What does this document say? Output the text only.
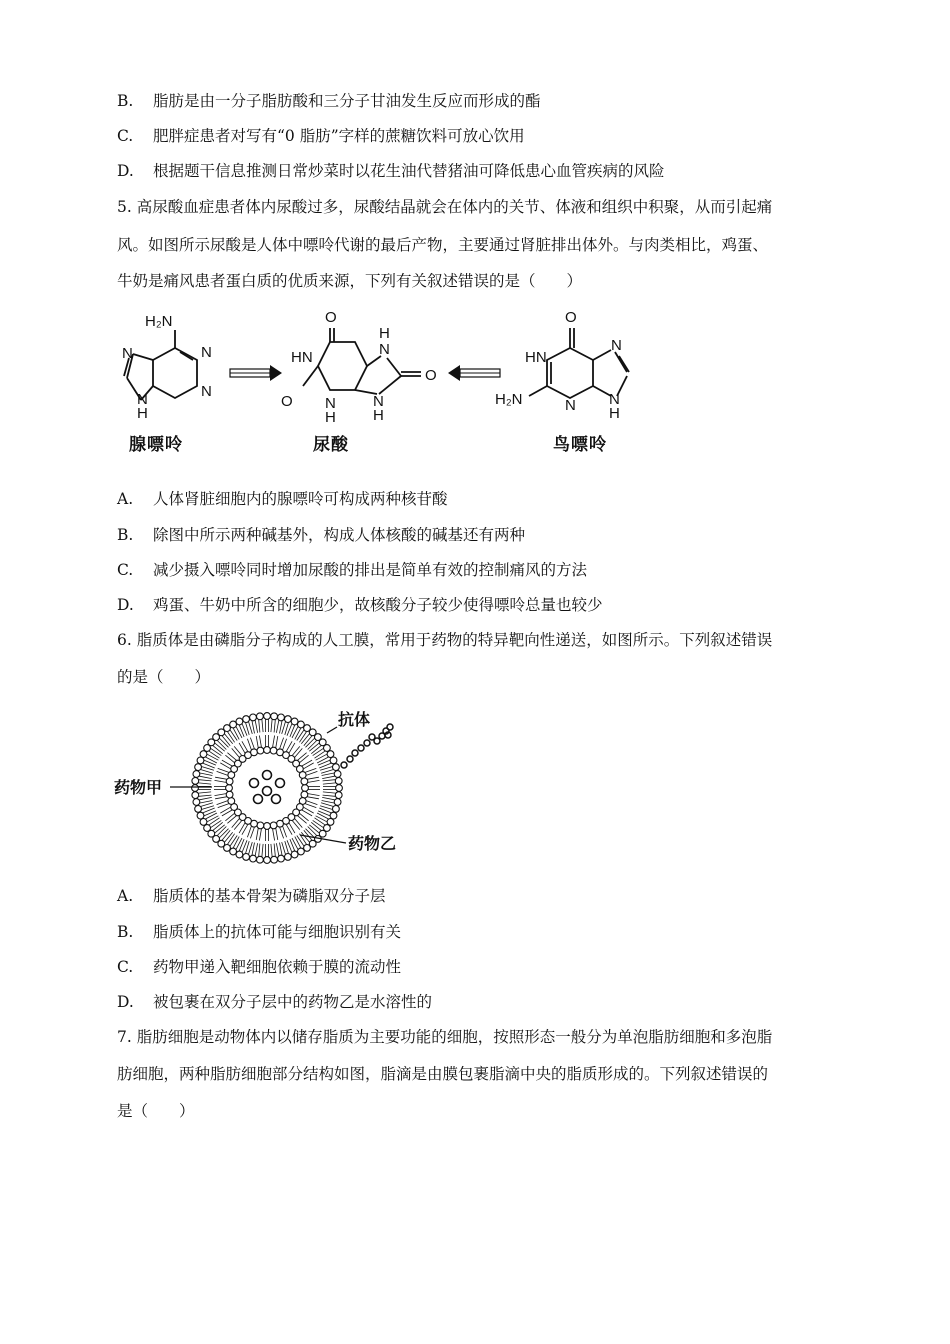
B. 脂肪是由一分子脂肪酸和三分子甘油发生反应而形成的酯
C. 肥胖症患者对写有“0 脂肪”字样的蔗糖饮料可放心饮用
D. 根据题干信息推测日常炒菜时以花生油代替猪油可降低患心血管疾病的风险
5. 高尿酸血症患者体内尿酸过多，尿酸结晶就会在体内的关节、体液和组织中积聚，从而引起痛
风。如图所示尿酸是人体中嘌呤代谢的最后产物，主要通过肾脏排出体外。与肉类相比，鸡蛋、
牛奶是痛风患者蛋白质的优质来源，下列有关叙述错误的是（　　）
H₂N
N
N
N
N
H
O
HN
O N
H
H
N
N
H
O
O
HN
H₂N	N
N
N
H
腺嘌呤	尿酸	鸟嘌呤
A. 人体肾脏细胞内的腺嘌呤可构成两种核苷酸
B. 除图中所示两种碱基外，构成人体核酸的碱基还有两种
C. 减少摄入嘌呤同时增加尿酸的排出是简单有效的控制痛风的方法
D. 鸡蛋、牛奶中所含的细胞少，故核酸分子较少使得嘌呤总量也较少
6. 脂质体是由磷脂分子构成的人工膜，常用于药物的特异靶向性递送，如图所示。下列叙述错误
的是（　　）
抗体
药物甲
药物乙
A. 脂质体的基本骨架为磷脂双分子层
B. 脂质体上的抗体可能与细胞识别有关
C. 药物甲递入靶细胞依赖于膜的流动性
D. 被包裹在双分子层中的药物乙是水溶性的
7. 脂肪细胞是动物体内以储存脂质为主要功能的细胞，按照形态一般分为单泡脂肪细胞和多泡脂
肪细胞，两种脂肪细胞部分结构如图，脂滴是由膜包裹脂滴中央的脂质形成的。下列叙述错误的
是（　　）
